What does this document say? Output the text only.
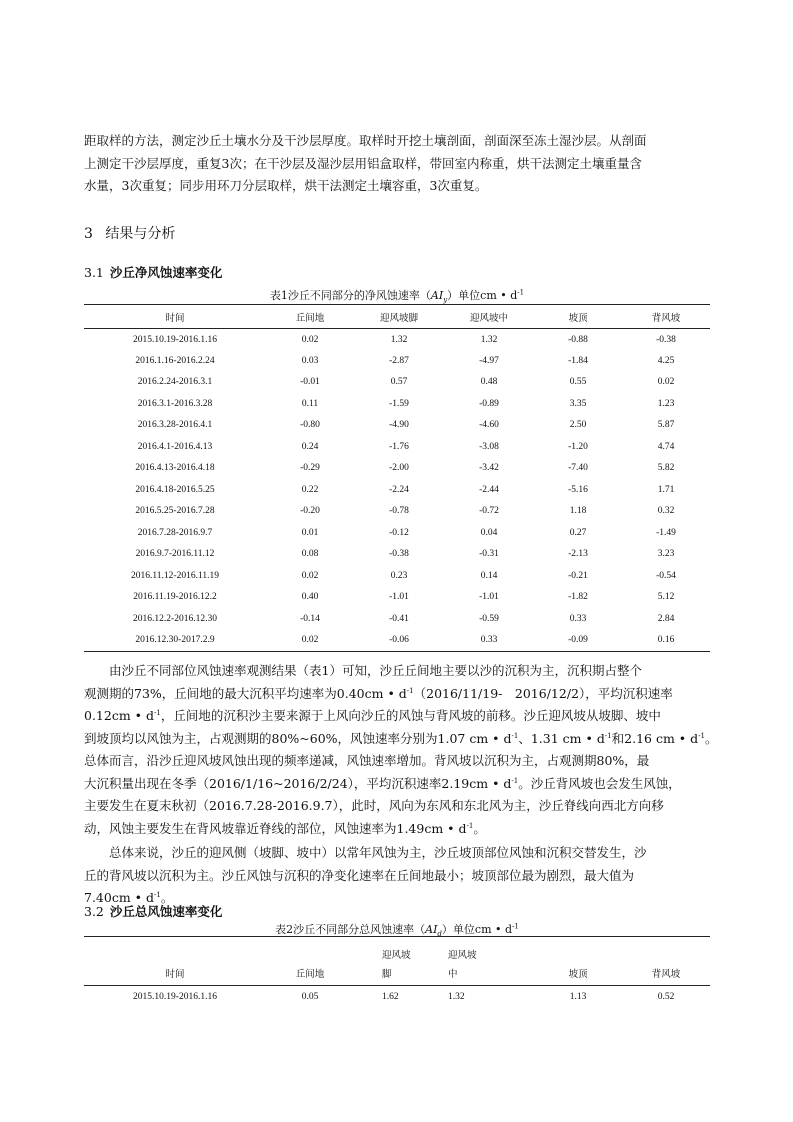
距取样的方法，测定沙丘土壤水分及干沙层厚度。取样时开挖土壤剖面，剖面深至冻土湿沙层。从剖面
上测定干沙层厚度，重复3次；在干沙层及湿沙层用铝盒取样，带回室内称重，烘干法测定土壤重量含
水量，3次重复；同步用环刀分层取样，烘干法测定土壤容重，3次重复。

3 结果与分析
3.1 沙丘净风蚀速率变化

表1沙丘不同部分的净风蚀速率$(AI_y)$单位cm • $d^{-1}$

时间	丘间地	迎风坡脚	迎风坡中	坡顶	背风坡
2015.10.19-2016.1.16	0.02	1.32	1.32	-0.88	-0.38
2016.1.16-2016.2.24	0.03	-2.87	-4.97	-1.84	4.25
2016.2.24-2016.3.1	-0.01	0.57	0.48	0.55	0.02
2016.3.1-2016.3.28	0.11	-1.59	-0.89	3.35	1.23
2016.3.28-2016.4.1	-0.80	-4.90	-4.60	2.50	5.87
2016.4.1-2016.4.13	0.24	-1.76	-3.08	-1.20	4.74
2016.4.13-2016.4.18	-0.29	-2.00	-3.42	-7.40	5.82
2016.4.18-2016.5.25	0.22	-2.24	-2.44	-5.16	1.71
2016.5.25-2016.7.28	-0.20	-0.78	-0.72	1.18	0.32
2016.7.28-2016.9.7	0.01	-0.12	0.04	0.27	-1.49
2016.9.7-2016.11.12	0.08	-0.38	-0.31	-2.13	3.23
2016.11.12-2016.11.19	0.02	0.23	0.14	-0.21	-0.54
2016.11.19-2016.12.2	0.40	-1.01	-1.01	-1.82	5.12
2016.12.2-2016.12.30	-0.14	-0.41	-0.59	0.33	2.84
2016.12.30-2017.2.9	0.02	-0.06	0.33	-0.09	0.16

由沙丘不同部位风蚀速率观测结果（表1）可知，沙丘丘间地主要以沙的沉积为主，沉积期占整个
观测期的73%，丘间地的最大沉积平均速率为0.40cm • $d^{-1}(2016/11/19-$　2016/12/2），平均沉积速率
0.12cm • $d^{-1}$，丘间地的沉积沙主要来源于上风向沙丘的风蚀与背风坡的前移。沙丘迎风坡从坡脚、坡中
到坡顶均以风蚀为主，占观测期的80%~60%，风蚀速率分别为1.07 cm • $d^{-1}$、1.31 cm • $d^{-1}$和2.16 cm • $d^{-1}$。
总体而言，沿沙丘迎风坡风蚀出现的频率递减，风蚀速率增加。背风坡以沉积为主，占观测期80%，最
大沉积量出现在冬季（2016/1/16~2016/2/24），平均沉积速率2.19cm • $d^{-1}$。沙丘背风坡也会发生风蚀，
主要发生在夏末秋初（2016.7.28-2016.9.7），此时，风向为东风和东北风为主，沙丘脊线向西北方向移
动，风蚀主要发生在背风坡靠近脊线的部位，风蚀速率为1.49cm • $d^{-1}$。

总体来说，沙丘的迎风侧（坡脚、坡中）以常年风蚀为主，沙丘坡顶部位风蚀和沉积交替发生，沙
丘的背风坡以沉积为主。沙丘风蚀与沉积的净变化速率在丘间地最小；坡顶部位最为剧烈，最大值为
7.40cm • $d^{-1}$。

3.2 沙丘总风蚀速率变化

表2沙丘不同部分总风蚀速率$(AI_d)$单位cm • $d^{-1}$

		迎风坡	迎风坡		
时间	丘间地	脚	中	坡顶	背风坡
2015.10.19-2016.1.16	0.05	1.62	1.32	1.13	0.52
